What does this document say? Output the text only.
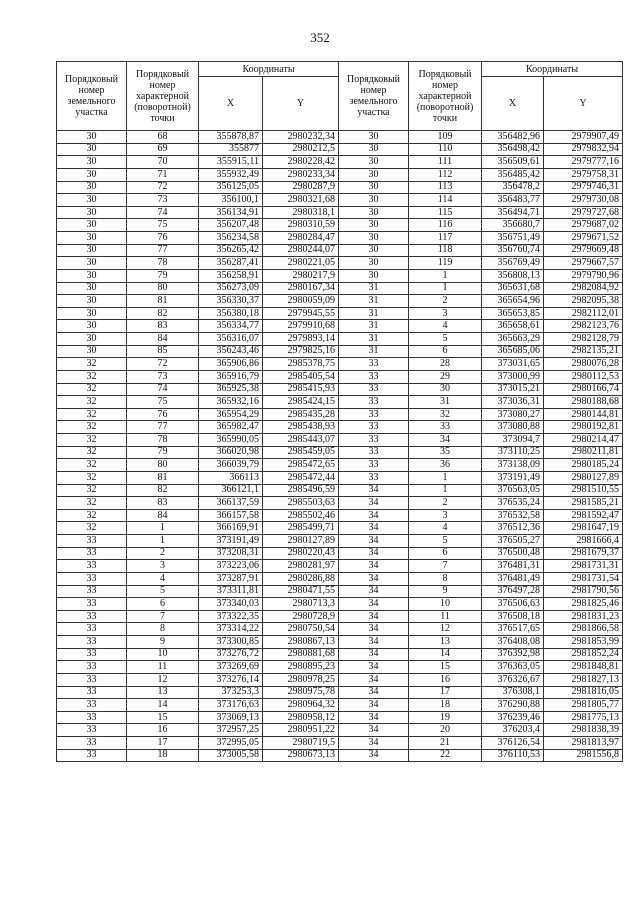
352
Порядковый номер земельного участка	Порядковый номер характерной (поворотной) точки	Координаты		Порядковый номер земельного участка	Порядковый номер характерной (поворотной) точки	Координаты	
		X	Y			X	Y
30	68	355878,87	2980232,34	30	109	356482,96	2979907,49
30	69	355877	2980212,5	30	110	356498,42	2979832,94
30	70	355915,11	2980228,42	30	111	356509,61	2979777,16
30	71	355932,49	2980233,34	30	112	356485,42	2979758,31
30	72	356125,05	2980287,9	30	113	356478,2	2979746,31
30	73	356100,1	2980321,68	30	114	356483,77	2979730,08
30	74	356134,91	2980318,1	30	115	356494,71	2979727,68
30	75	356207,48	2980310,59	30	116	356680,7	2979687,02
30	76	356234,58	2980284,47	30	117	356751,49	2979671,52
30	77	356265,42	2980244,07	30	118	356760,74	2979669,48
30	78	356287,41	2980221,05	30	119	356769,49	2979667,57
30	79	356258,91	2980217,9	30	1	356808,13	2979790,96
30	80	356273,09	2980167,34	31	1	365631,68	2982084,92
30	81	356330,37	2980059,09	31	2	365654,96	2982095,38
30	82	356380,18	2979945,55	31	3	365653,85	2982112,01
30	83	356334,77	2979910,68	31	4	365658,61	2982123,76
30	84	356316,07	2979893,14	31	5	365663,29	2982128,79
30	85	356243,46	2979825,16	31	6	365685,06	2982135,21
32	72	365906,86	2985378,75	33	28	373031,65	2980076,28
32	73	365916,79	2985405,54	33	29	373000,99	2980112,53
32	74	365925,38	2985415,93	33	30	373015,21	2980166,74
32	75	365932,16	2985424,15	33	31	373036,31	2980188,68
32	76	365954,29	2985435,28	33	32	373080,27	2980144,81
32	77	365982,47	2985438,93	33	33	373080,88	2980192,81
32	78	365990,05	2985443,07	33	34	373094,7	2980214,47
32	79	366020,98	2985459,05	33	35	373110,25	2980211,81
32	80	366039,79	2985472,65	33	36	373138,09	2980185,24
32	81	366113	2985472,44	33	1	373191,49	2980127,89
32	82	366121,1	2985496,59	34	1	376563,05	2981510,55
32	83	366137,59	2985503,63	34	2	376535,24	2981585,21
32	84	366157,58	2985502,46	34	3	376532,58	2981592,47
32	1	366169,91	2985499,71	34	4	376512,36	2981647,19
33	1	373191,49	2980127,89	34	5	376505,27	2981666,4
33	2	373208,31	2980220,43	34	6	376500,48	2981679,37
33	3	373223,06	2980281,97	34	7	376481,31	2981731,31
33	4	373287,91	2980286,88	34	8	376481,49	2981731,54
33	5	373311,81	2980471,55	34	9	376497,28	2981790,56
33	6	373340,03	2980713,3	34	10	376506,63	2981825,46
33	7	373322,35	2980728,9	34	11	376508,18	2981831,23
33	8	373314,22	2980750,54	34	12	376517,65	2981866,58
33	9	373300,85	2980867,13	34	13	376408,08	2981853,99
33	10	373276,72	2980881,68	34	14	376392,98	2981852,24
33	11	373269,69	2980895,23	34	15	376363,05	2981848,81
33	12	373276,14	2980978,25	34	16	376326,67	2981827,13
33	13	373253,3	2980975,78	34	17	376308,1	2981816,05
33	14	373176,63	2980964,32	34	18	376290,88	2981805,77
33	15	373069,13	2980958,12	34	19	376239,46	2981775,13
33	16	372957,25	2980951,22	34	20	376203,4	2981838,39
33	17	372995,05	2980719,5	34	21	376126,54	2981813,97
33	18	373005,58	2980673,13	34	22	376110,53	2981556,8
